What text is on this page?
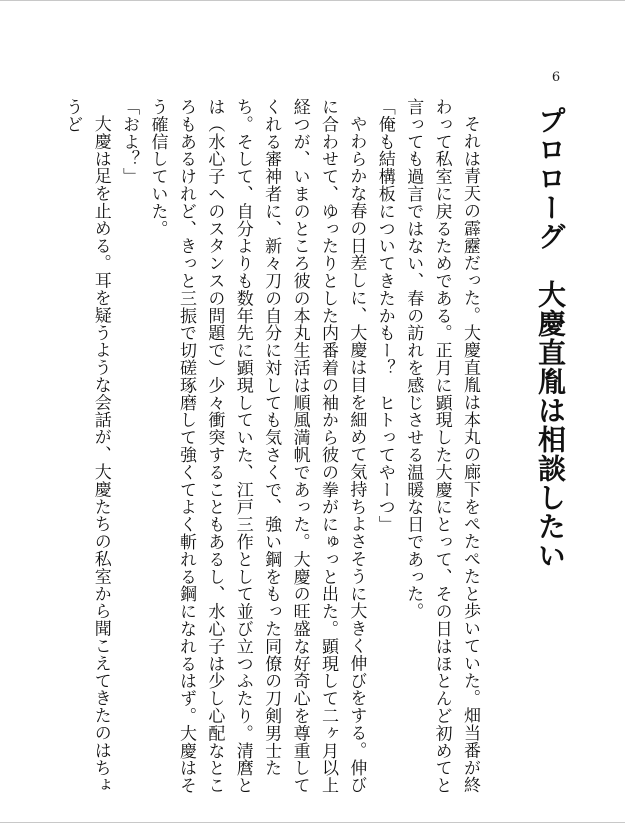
6
プロローグ　大慶直胤は相談したい
それは青天の霹靂だった。大慶直胤は本丸の廊下をぺたぺたと歩いていた。畑当番が終わって私室に戻るためである。正月に顕現した大慶にとって、その日はほとんど初めてと言っても過言ではない、春の訪れを感じさせる温暖な日であった。
「俺も結構板についてきたかもー？　ヒトってやーつ」
やわらかな春の日差しに、大慶は目を細めて気持ちよさそうに大きく伸びをする。伸びに合わせて、ゆったりとした内番着の袖から彼の拳がにゅっと出た。顕現して二ヶ月以上経つが、いまのところ彼の本丸生活は順風満帆であった。大慶の旺盛な好奇心を尊重してくれる審神者に、新々刀の自分に対しても気さくで、強い鋼をもった同僚の刀剣男士たち。そして、自分よりも数年先に顕現していた、江戸三作として並び立つふたり。清麿とは（水心子へのスタンスの問題で）少々衝突することもあるし、水心子は少し心配なところもあるけれど、きっと三振で切磋琢磨して強くてよく斬れる鋼になれるはず。大慶はそう確信していた。
「およ？」
大慶は足を止める。耳を疑うような会話が、大慶たちの私室から聞こえてきたのはちょうど
